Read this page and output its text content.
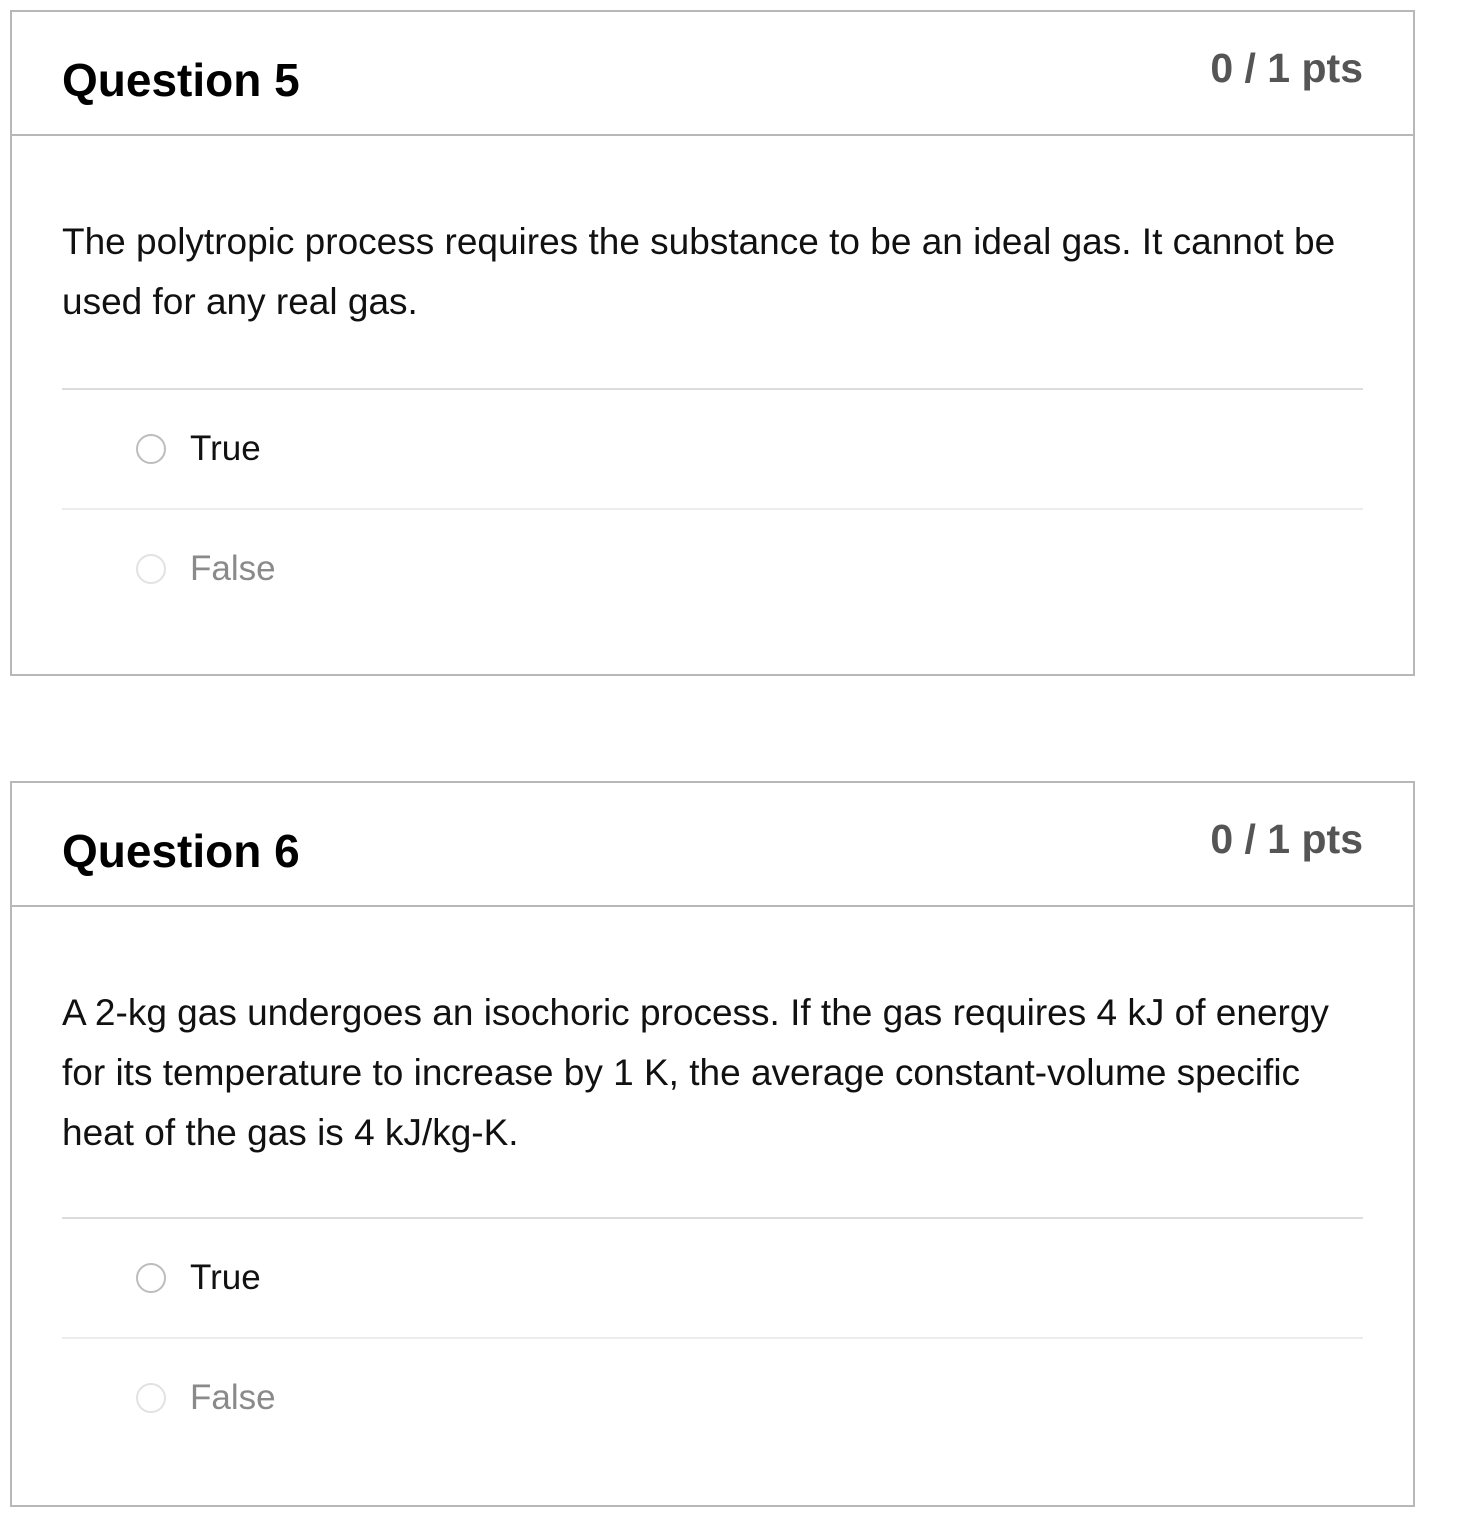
Question 5	0 / 1 pts

The polytropic process requires the substance to be an ideal gas. It cannot be used for any real gas.

True
False
Question 6	0 / 1 pts

A 2-kg gas undergoes an isochoric process. If the gas requires 4 kJ of energy for its temperature to increase by 1 K, the average constant-volume specific heat of the gas is 4 kJ/kg-K.

True
False
